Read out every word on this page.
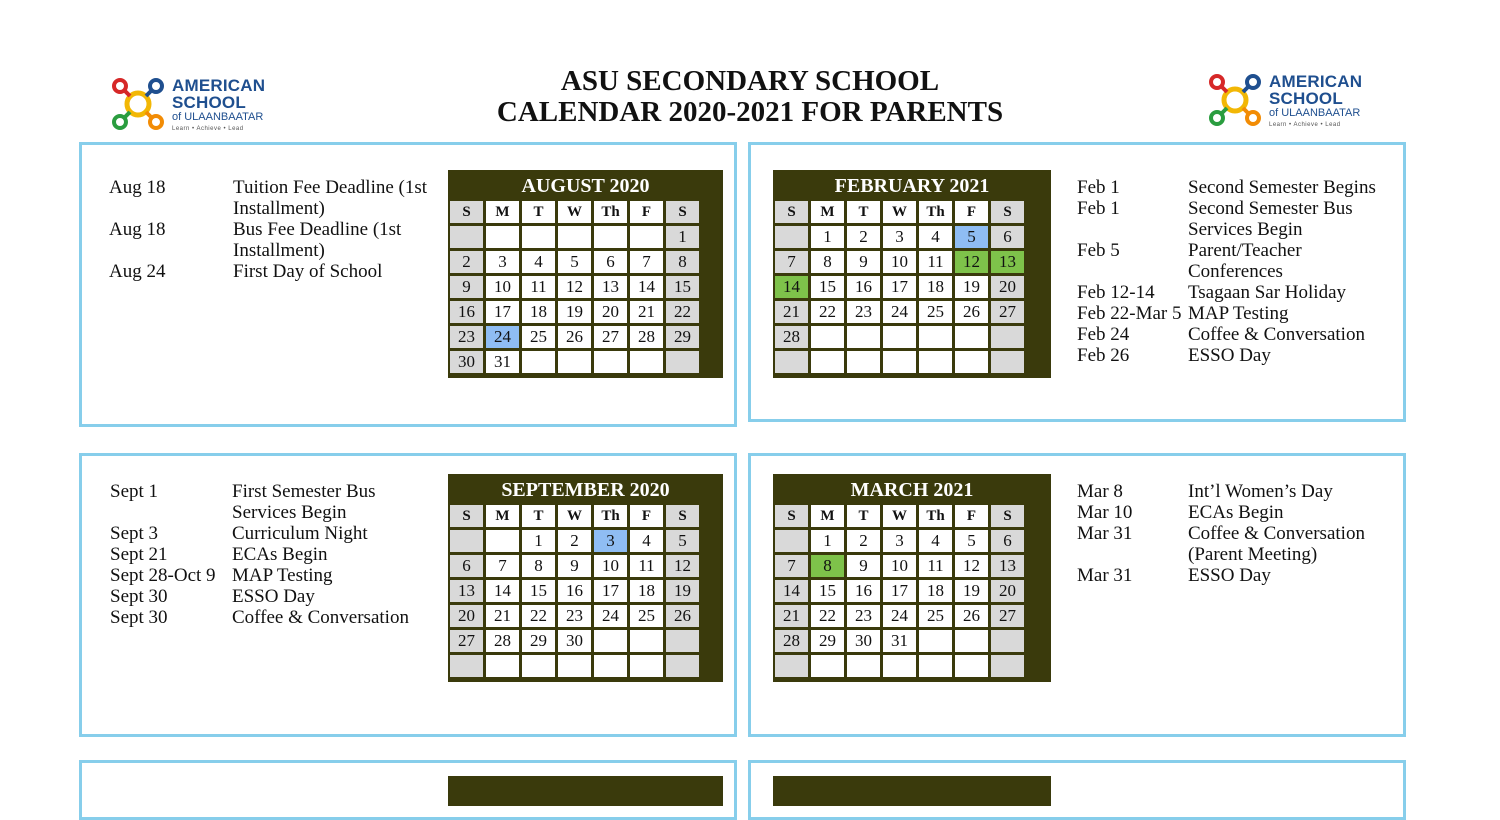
AMERICAN
SCHOOL
of ULAANBAATAR
Learn • Achieve • Lead
AMERICAN
SCHOOL
of ULAANBAATAR
Learn • Achieve • Lead
ASU SECONDARY SCHOOL
CALENDAR 2020-2021 FOR PARENTS
AUGUST 2020
S	M	T	W	Th	F	S
						1
2	3	4	5	6	7	8
9	10	11	12	13	14	15
16	17	18	19	20	21	22
23	24	25	26	27	28	29
30	31					
Aug 18	Tuition Fee Deadline (1st Installment)
Aug 18	Bus Fee Deadline (1st Installment)
Aug 24	First Day of School
FEBRUARY 2021
S	M	T	W	Th	F	S
	1	2	3	4	5	6
7	8	9	10	11	12	13
14	15	16	17	18	19	20
21	22	23	24	25	26	27
28						

Feb 1	Second Semester Begins
Feb 1	Second Semester Bus Services Begin
Feb 5	Parent/Teacher Conferences
Feb 12-14	Tsagaan Sar Holiday
Feb 22-Mar 5 MAP Testing
Feb 24	Coffee & Conversation
Feb 26	ESSO Day
SEPTEMBER 2020
S	M	T	W	Th	F	S
		1	2	3	4	5
6	7	8	9	10	11	12
13	14	15	16	17	18	19
20	21	22	23	24	25	26
27	28	29	30			

Sept 1	First Semester Bus Services Begin
Sept 3	Curriculum Night
Sept 21	ECAs Begin
Sept 28-Oct 9 MAP Testing
Sept 30	ESSO Day
Sept 30	Coffee & Conversation
MARCH 2021
S	M	T	W	Th	F	S
	1	2	3	4	5	6
7	8	9	10	11	12	13
14	15	16	17	18	19	20
21	22	23	24	25	26	27
28	29	30	31			

Mar 8	Int’l Women’s Day
Mar 10	ECAs Begin
Mar 31	Coffee & Conversation (Parent Meeting)
Mar 31	ESSO Day
